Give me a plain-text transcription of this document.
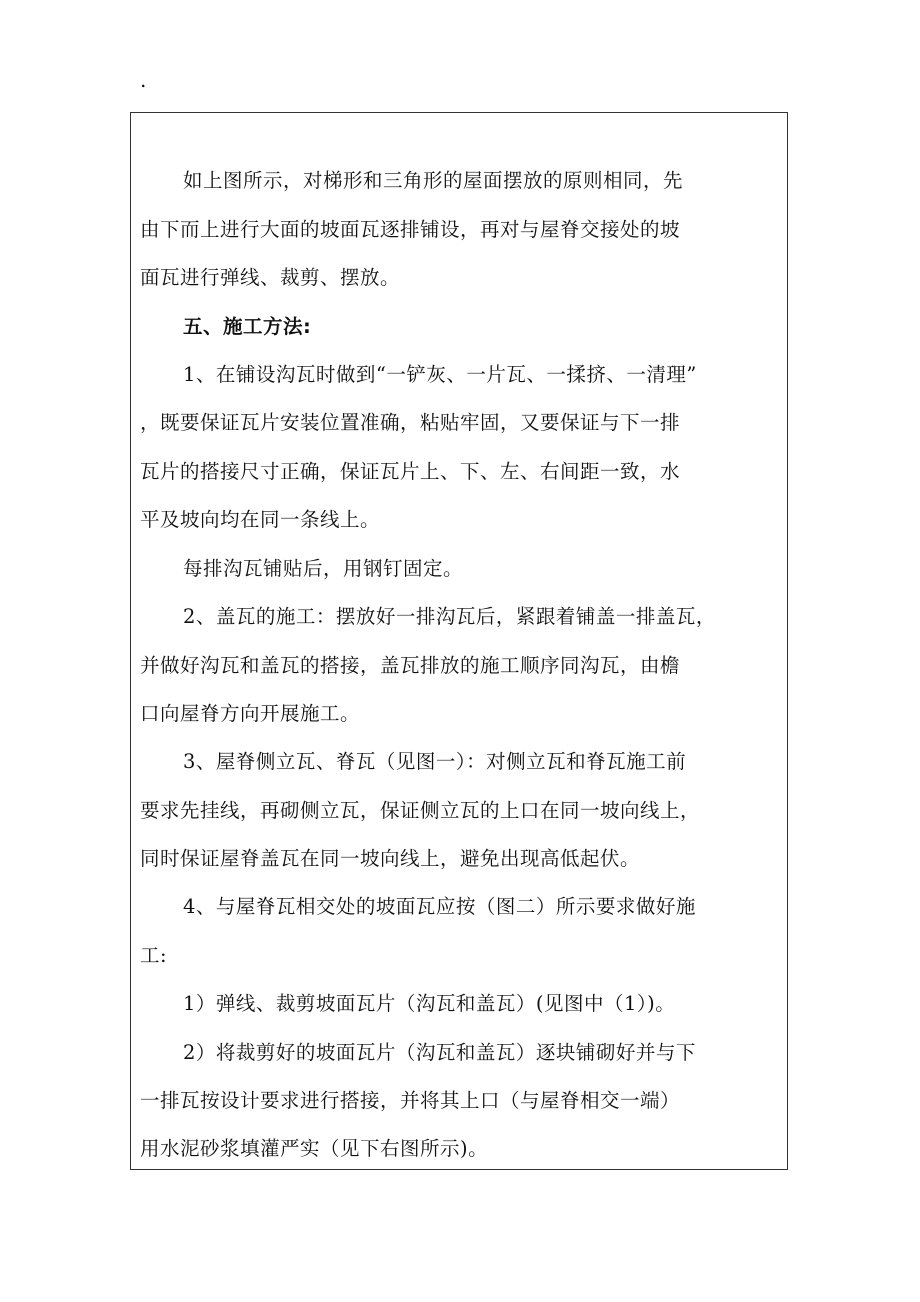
.
如上图所示，对梯形和三角形的屋面摆放的原则相同，先
由下而上进行大面的坡面瓦逐排铺设，再对与屋脊交接处的坡
面瓦进行弹线、裁剪、摆放。
五、施工方法:
1、在铺设沟瓦时做到“一铲灰、一片瓦、一揉挤、一清理”
，既要保证瓦片安装位置准确，粘贴牢固，又要保证与下一排
瓦片的搭接尺寸正确，保证瓦片上、下、左、右间距一致，水
平及坡向均在同一条线上。
每排沟瓦铺贴后，用钢钉固定。
2、盖瓦的施工：摆放好一排沟瓦后，紧跟着铺盖一排盖瓦，
并做好沟瓦和盖瓦的搭接，盖瓦排放的施工顺序同沟瓦，由檐
口向屋脊方向开展施工。
3、屋脊侧立瓦、脊瓦（见图一）：对侧立瓦和脊瓦施工前
要求先挂线，再砌侧立瓦，保证侧立瓦的上口在同一坡向线上，
同时保证屋脊盖瓦在同一坡向线上，避免出现高低起伏。
4、与屋脊瓦相交处的坡面瓦应按（图二）所示要求做好施
工:
1）弹线、裁剪坡面瓦片（沟瓦和盖瓦）(见图中（1）)。
2）将裁剪好的坡面瓦片（沟瓦和盖瓦）逐块铺砌好并与下
一排瓦按设计要求进行搭接，并将其上口（与屋脊相交一端）
用水泥砂浆填灌严实（见下右图所示)。
